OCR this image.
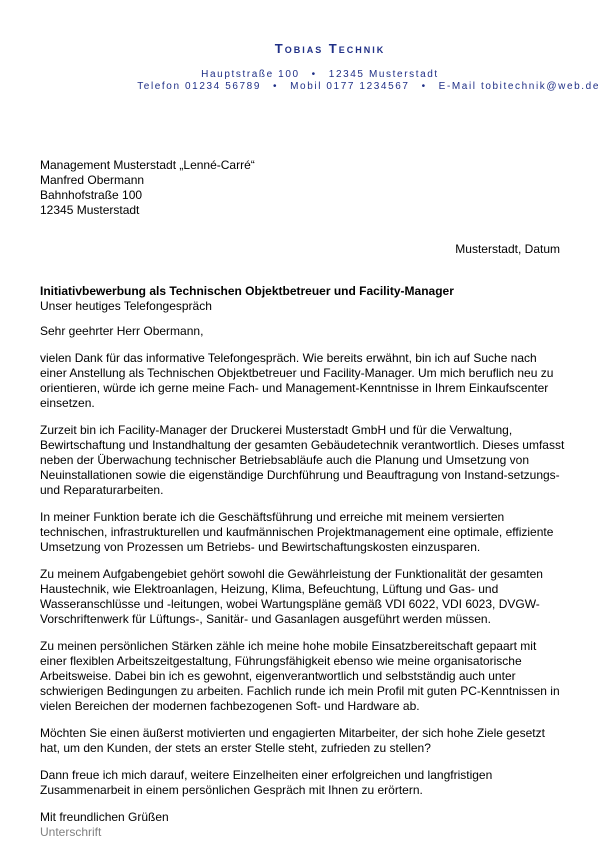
Tobias Technik

Hauptstraße 100 • 12345 Musterstadt
Telefon 01234 56789 • Mobil 0177 1234567 • E-Mail tobitechnik@web.de
Management Musterstadt „Lenné-Carré“
Manfred Obermann
Bahnhofstraße 100
12345 Musterstadt
Musterstadt, Datum
Initiativbewerbung als Technischen Objektbetreuer und Facility-Manager
Unser heutiges Telefongespräch

Sehr geehrter Herr Obermann,

vielen Dank für das informative Telefongespräch. Wie bereits erwähnt, bin ich auf Suche nach einer Anstellung als Technischen Objektbetreuer und Facility-Manager. Um mich beruflich neu zu orientieren, würde ich gerne meine Fach- und Management-Kenntnisse in Ihrem Einkaufscenter einsetzen.

Zurzeit bin ich Facility-Manager der Druckerei Musterstadt GmbH und für die Verwaltung, Bewirtschaftung und Instandhaltung der gesamten Gebäudetechnik verantwortlich. Dieses umfasst neben der Überwachung technischer Betriebsabläufe auch die Planung und Umsetzung von Neuinstallationen sowie die eigenständige Durchführung und Beauftragung von Instand-setzungs- und Reparaturarbeiten.

In meiner Funktion berate ich die Geschäftsführung und erreiche mit meinem versierten technischen, infrastrukturellen und kaufmännischen Projektmanagement eine optimale, effiziente Umsetzung von Prozessen um Betriebs- und Bewirtschaftungskosten einzusparen.

Zu meinem Aufgabengebiet gehört sowohl die Gewährleistung der Funktionalität der gesamten Haustechnik, wie Elektroanlagen, Heizung, Klima, Befeuchtung, Lüftung und Gas- und Wasseranschlüsse und -leitungen, wobei Wartungspläne gemäß VDI 6022, VDI 6023, DVGW-Vorschriftenwerk für Lüftungs-, Sanitär- und Gasanlagen ausgeführt werden müssen.

Zu meinen persönlichen Stärken zähle ich meine hohe mobile Einsatzbereitschaft gepaart mit einer flexiblen Arbeitszeitgestaltung, Führungsfähigkeit ebenso wie meine organisatorische Arbeitsweise. Dabei bin ich es gewohnt, eigenverantwortlich und selbstständig auch unter schwierigen Bedingungen zu arbeiten. Fachlich runde ich mein Profil mit guten PC-Kenntnissen in vielen Bereichen der modernen fachbezogenen Soft- und Hardware ab.

Möchten Sie einen äußerst motivierten und engagierten Mitarbeiter, der sich hohe Ziele gesetzt hat, um den Kunden, der stets an erster Stelle steht, zufrieden zu stellen?

Dann freue ich mich darauf, weitere Einzelheiten einer erfolgreichen und langfristigen Zusammenarbeit in einem persönlichen Gespräch mit Ihnen zu erörtern.

Mit freundlichen Grüßen

Unterschrift
